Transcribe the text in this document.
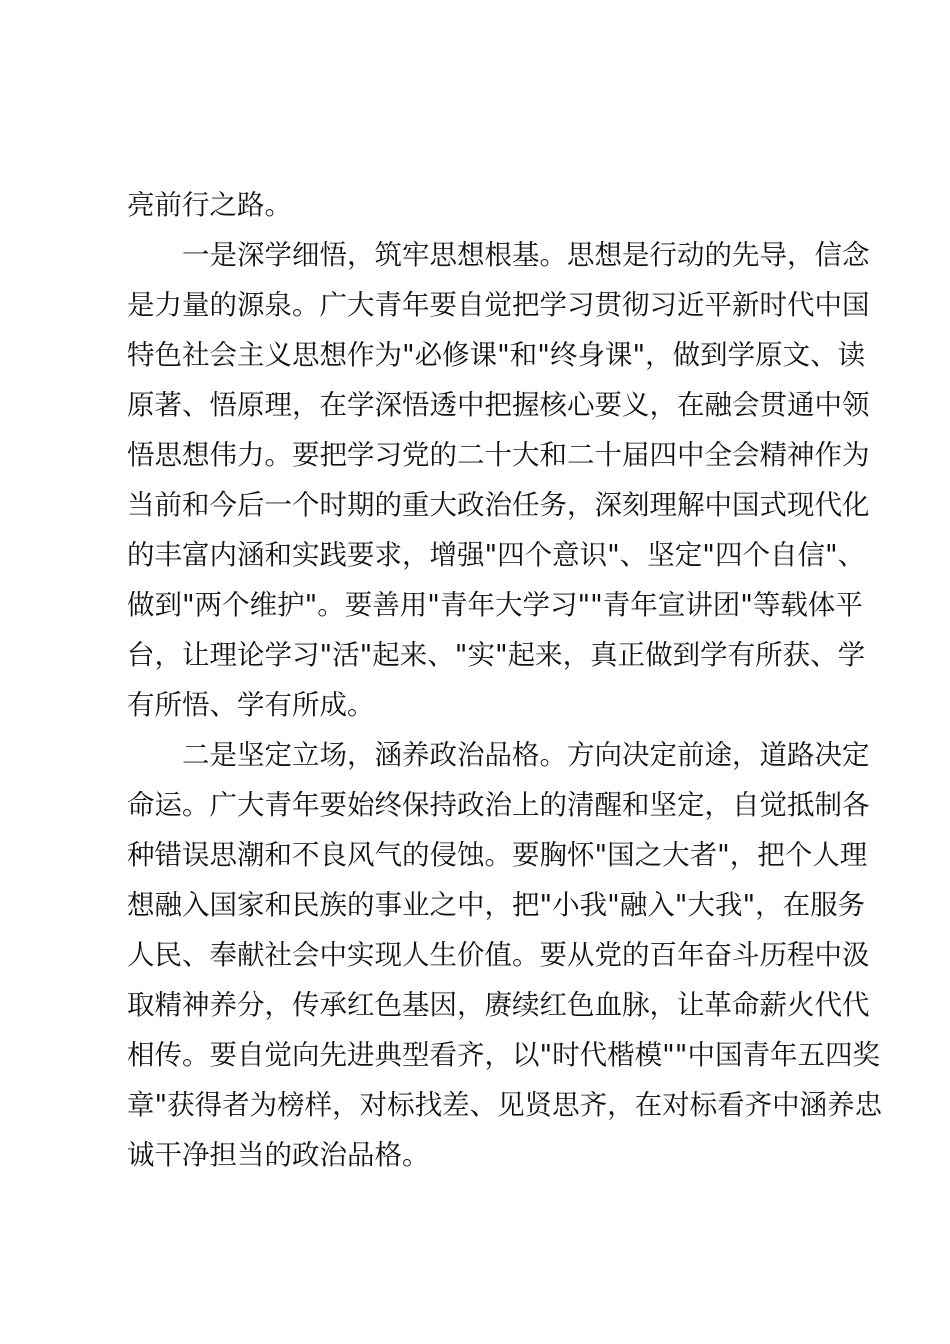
亮前行之路。
一是深学细悟，筑牢思想根基。思想是行动的先导，信念
是力量的源泉。广大青年要自觉把学习贯彻习近平新时代中国
特色社会主义思想作为"必修课"和"终身课"，做到学原文、读
原著、悟原理，在学深悟透中把握核心要义，在融会贯通中领
悟思想伟力。要把学习党的二十大和二十届四中全会精神作为
当前和今后一个时期的重大政治任务，深刻理解中国式现代化
的丰富内涵和实践要求，增强"四个意识"、坚定"四个自信"、
做到"两个维护"。要善用"青年大学习""青年宣讲团"等载体平
台，让理论学习"活"起来、"实"起来，真正做到学有所获、学
有所悟、学有所成。
二是坚定立场，涵养政治品格。方向决定前途，道路决定
命运。广大青年要始终保持政治上的清醒和坚定，自觉抵制各
种错误思潮和不良风气的侵蚀。要胸怀"国之大者"，把个人理
想融入国家和民族的事业之中，把"小我"融入"大我"，在服务
人民、奉献社会中实现人生价值。要从党的百年奋斗历程中汲
取精神养分，传承红色基因，赓续红色血脉，让革命薪火代代
相传。要自觉向先进典型看齐，以"时代楷模""中国青年五四奖
章"获得者为榜样，对标找差、见贤思齐，在对标看齐中涵养忠
诚干净担当的政治品格。
